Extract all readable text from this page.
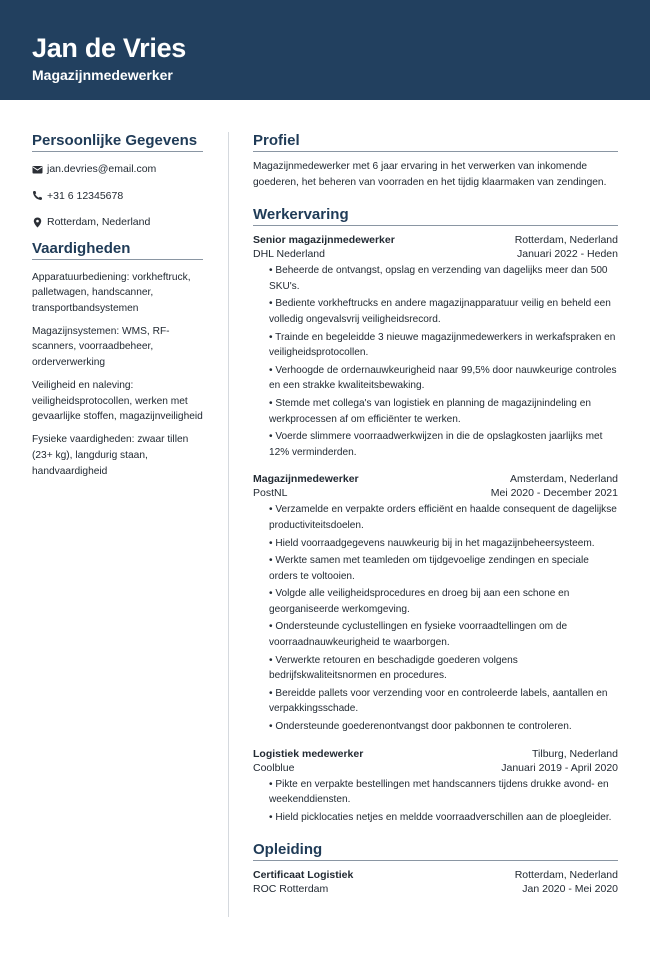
Jan de Vries
Magazijnmedewerker
Persoonlijke Gegevens
jan.devries@email.com
+31 6 12345678
Rotterdam, Nederland
Vaardigheden
Apparatuurbediening: vorkheftruck, palletwagen, handscanner, transportbandsystemen
Magazijnsystemen: WMS, RF-scanners, voorraadbeheer, orderverwerking
Veiligheid en naleving: veiligheidsprotocollen, werken met gevaarlijke stoffen, magazijnveiligheid
Fysieke vaardigheden: zwaar tillen (23+ kg), langdurig staan, handvaardigheid
Profiel
Magazijnmedewerker met 6 jaar ervaring in het verwerken van inkomende goederen, het beheren van voorraden en het tijdig klaarmaken van zendingen.
Werkervaring
Senior magazijnmedewerker	Rotterdam, Nederland
DHL Nederland	Januari 2022 - Heden
• Beheerde de ontvangst, opslag en verzending van dagelijks meer dan 500 SKU's.
• Bediente vorkheftrucks en andere magazijnapparatuur veilig en beheld een volledig ongevalsvrij veiligheidsrecord.
• Trainde en begeleidde 3 nieuwe magazijnmedewerkers in werkafspraken en veiligheidsprotocollen.
• Verhoogde de ordernauwkeurigheid naar 99,5% door nauwkeurige controles en een strakke kwaliteitsbewaking.
• Stemde met collega's van logistiek en planning de magazijnindeling en werkprocessen af om efficiënter te werken.
• Voerde slimmere voorraadwerkwijzen in die de opslagkosten jaarlijks met 12% verminderden.
Magazijnmedewerker	Amsterdam, Nederland
PostNL	Mei 2020 - December 2021
• Verzamelde en verpakte orders efficiënt en haalde consequent de dagelijkse productiviteitsdoelen.
• Hield voorraadgegevens nauwkeurig bij in het magazijnbeheersysteem.
• Werkte samen met teamleden om tijdgevoelige zendingen en speciale orders te voltooien.
• Volgde alle veiligheidsprocedures en droeg bij aan een schone en georganiseerde werkomgeving.
• Ondersteunde cyclustellingen en fysieke voorraadtellingen om de voorraadnauwkeurigheid te waarborgen.
• Verwerkte retouren en beschadigde goederen volgens bedrijfskwaliteitsnormen en procedures.
• Bereidde pallets voor verzending voor en controleerde labels, aantallen en verpakkingsschade.
• Ondersteunde goederenontvangst door pakbonnen te controleren.
Logistiek medewerker	Tilburg, Nederland
Coolblue	Januari 2019 - April 2020
• Pikte en verpakte bestellingen met handscanners tijdens drukke avond- en weekenddiensten.
• Hield picklocaties netjes en meldde voorraadverschillen aan de ploegleider.
Opleiding
Certificaat Logistiek	Rotterdam, Nederland
ROC Rotterdam	Jan 2020 - Mei 2020
